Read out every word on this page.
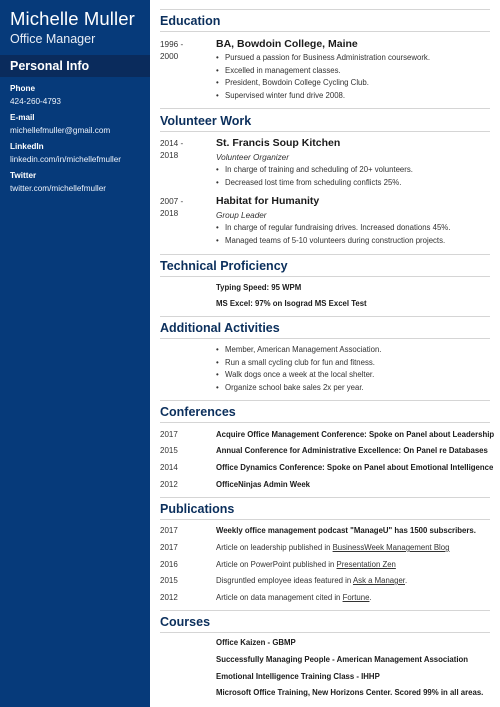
Michelle Muller
Office Manager
Personal Info
Phone
424-260-4793
E-mail
michellefmuller@gmail.com
LinkedIn
linkedin.com/in/michellefmuller
Twitter
twitter.com/michellefmuller
Education
1996 -
2000
BA, Bowdoin College, Maine
• Pursued a passion for Business Administration coursework.
• Excelled in management classes.
• President, Bowdoin College Cycling Club.
• Supervised winter fund drive 2008.
Volunteer Work
2014 -
2018
St. Francis Soup Kitchen
Volunteer Organizer
• In charge of training and scheduling of 20+ volunteers.
• Decreased lost time from scheduling conflicts 25%.
2007 -
2018
Habitat for Humanity
Group Leader
• In charge of regular fundraising drives. Increased donations 45%.
• Managed teams of 5-10 volunteers during construction projects.
Technical Proficiency
Typing Speed: 95 WPM
MS Excel: 97% on Isograd MS Excel Test
Additional Activities
• Member, American Management Association.
• Run a small cycling club for fun and fitness.
• Walk dogs once a week at the local shelter.
• Organize school bake sales 2x per year.
Conferences
2017	Acquire Office Management Conference: Spoke on Panel about Leadership
2015	Annual Conference for Administrative Excellence: On Panel re Databases
2014	Office Dynamics Conference: Spoke on Panel about Emotional Intelligence
2012	OfficeNinjas Admin Week
Publications
2017	Weekly office management podcast "ManageU" has 1500 subscribers.
2017	Article on leadership published in BusinessWeek Management Blog
2016	Article on PowerPoint published in Presentation Zen
2015	Disgruntled employee ideas featured in Ask a Manager.
2012	Article on data management cited in Fortune.
Courses
Office Kaizen - GBMP
Successfully Managing People - American Management Association
Emotional Intelligence Training Class - IHHP
Microsoft Office Training, New Horizons Center. Scored 99% in all areas.
